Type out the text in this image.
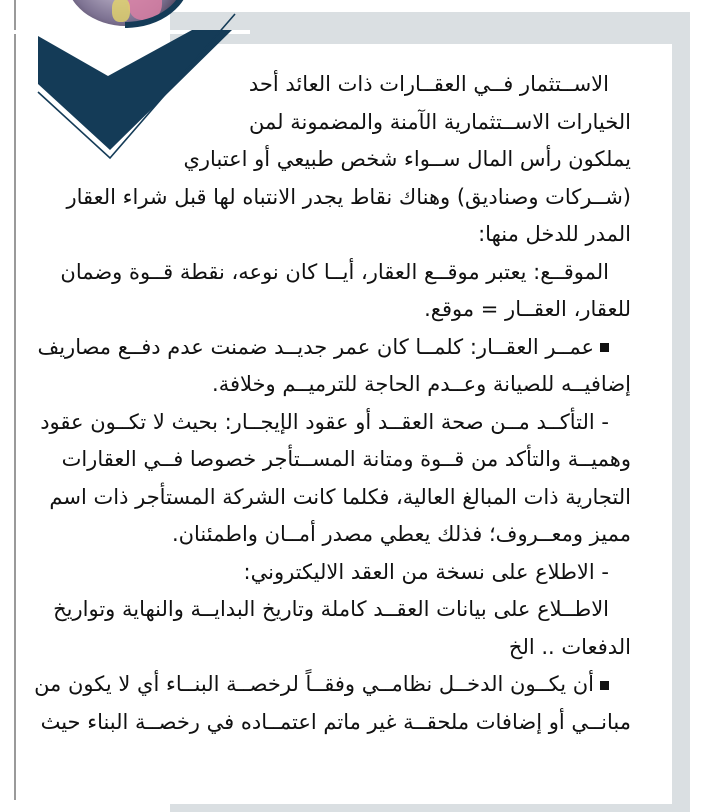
الاســتثمار فــي العقــارات ذات العائد أحد

الخيارات الاســتثمارية الآمنة والمضمونة لمن

يملكون رأس المال ســواء شخص طبيعي أو اعتباري

(شــركات وصناديق) وهناك نقاط يجدر الانتباه لها قبل شراء العقار

المدر للدخل منها:

الموقــع: يعتبر موقــع العقار، أيــا كان نوعه، نقطة قــوة وضمان

للعقار، العقــار = موقع.

عمــر العقــار: كلمــا كان عمر جديــد ضمنت عدم دفــع مصاريف

إضافيــه للصيانة وعــدم الحاجة للترميــم وخلافة.

- التأكــد مــن صحة العقــد أو عقود الإيجــار: بحيث لا تكــون عقود

وهميــة والتأكد من قــوة ومتانة المســتأجر خصوصا فــي العقارات

التجارية ذات المبالغ العالية، فكلما كانت الشركة المستأجر ذات اسم

مميز ومعــروف؛ فذلك يعطي مصدر أمــان واطمئنان.

- الاطلاع على نسخة من العقد الاليكتروني:

الاطــلاع على بيانات العقــد كاملة وتاريخ البدايــة والنهاية وتواريخ

الدفعات .. الخ

أن يكــون الدخــل نظامــي وفقــاً لرخصــة البنــاء أي لا يكون من

مبانــي أو إضافات ملحقــة غير ماتم اعتمــاده في رخصــة البناء حيث
